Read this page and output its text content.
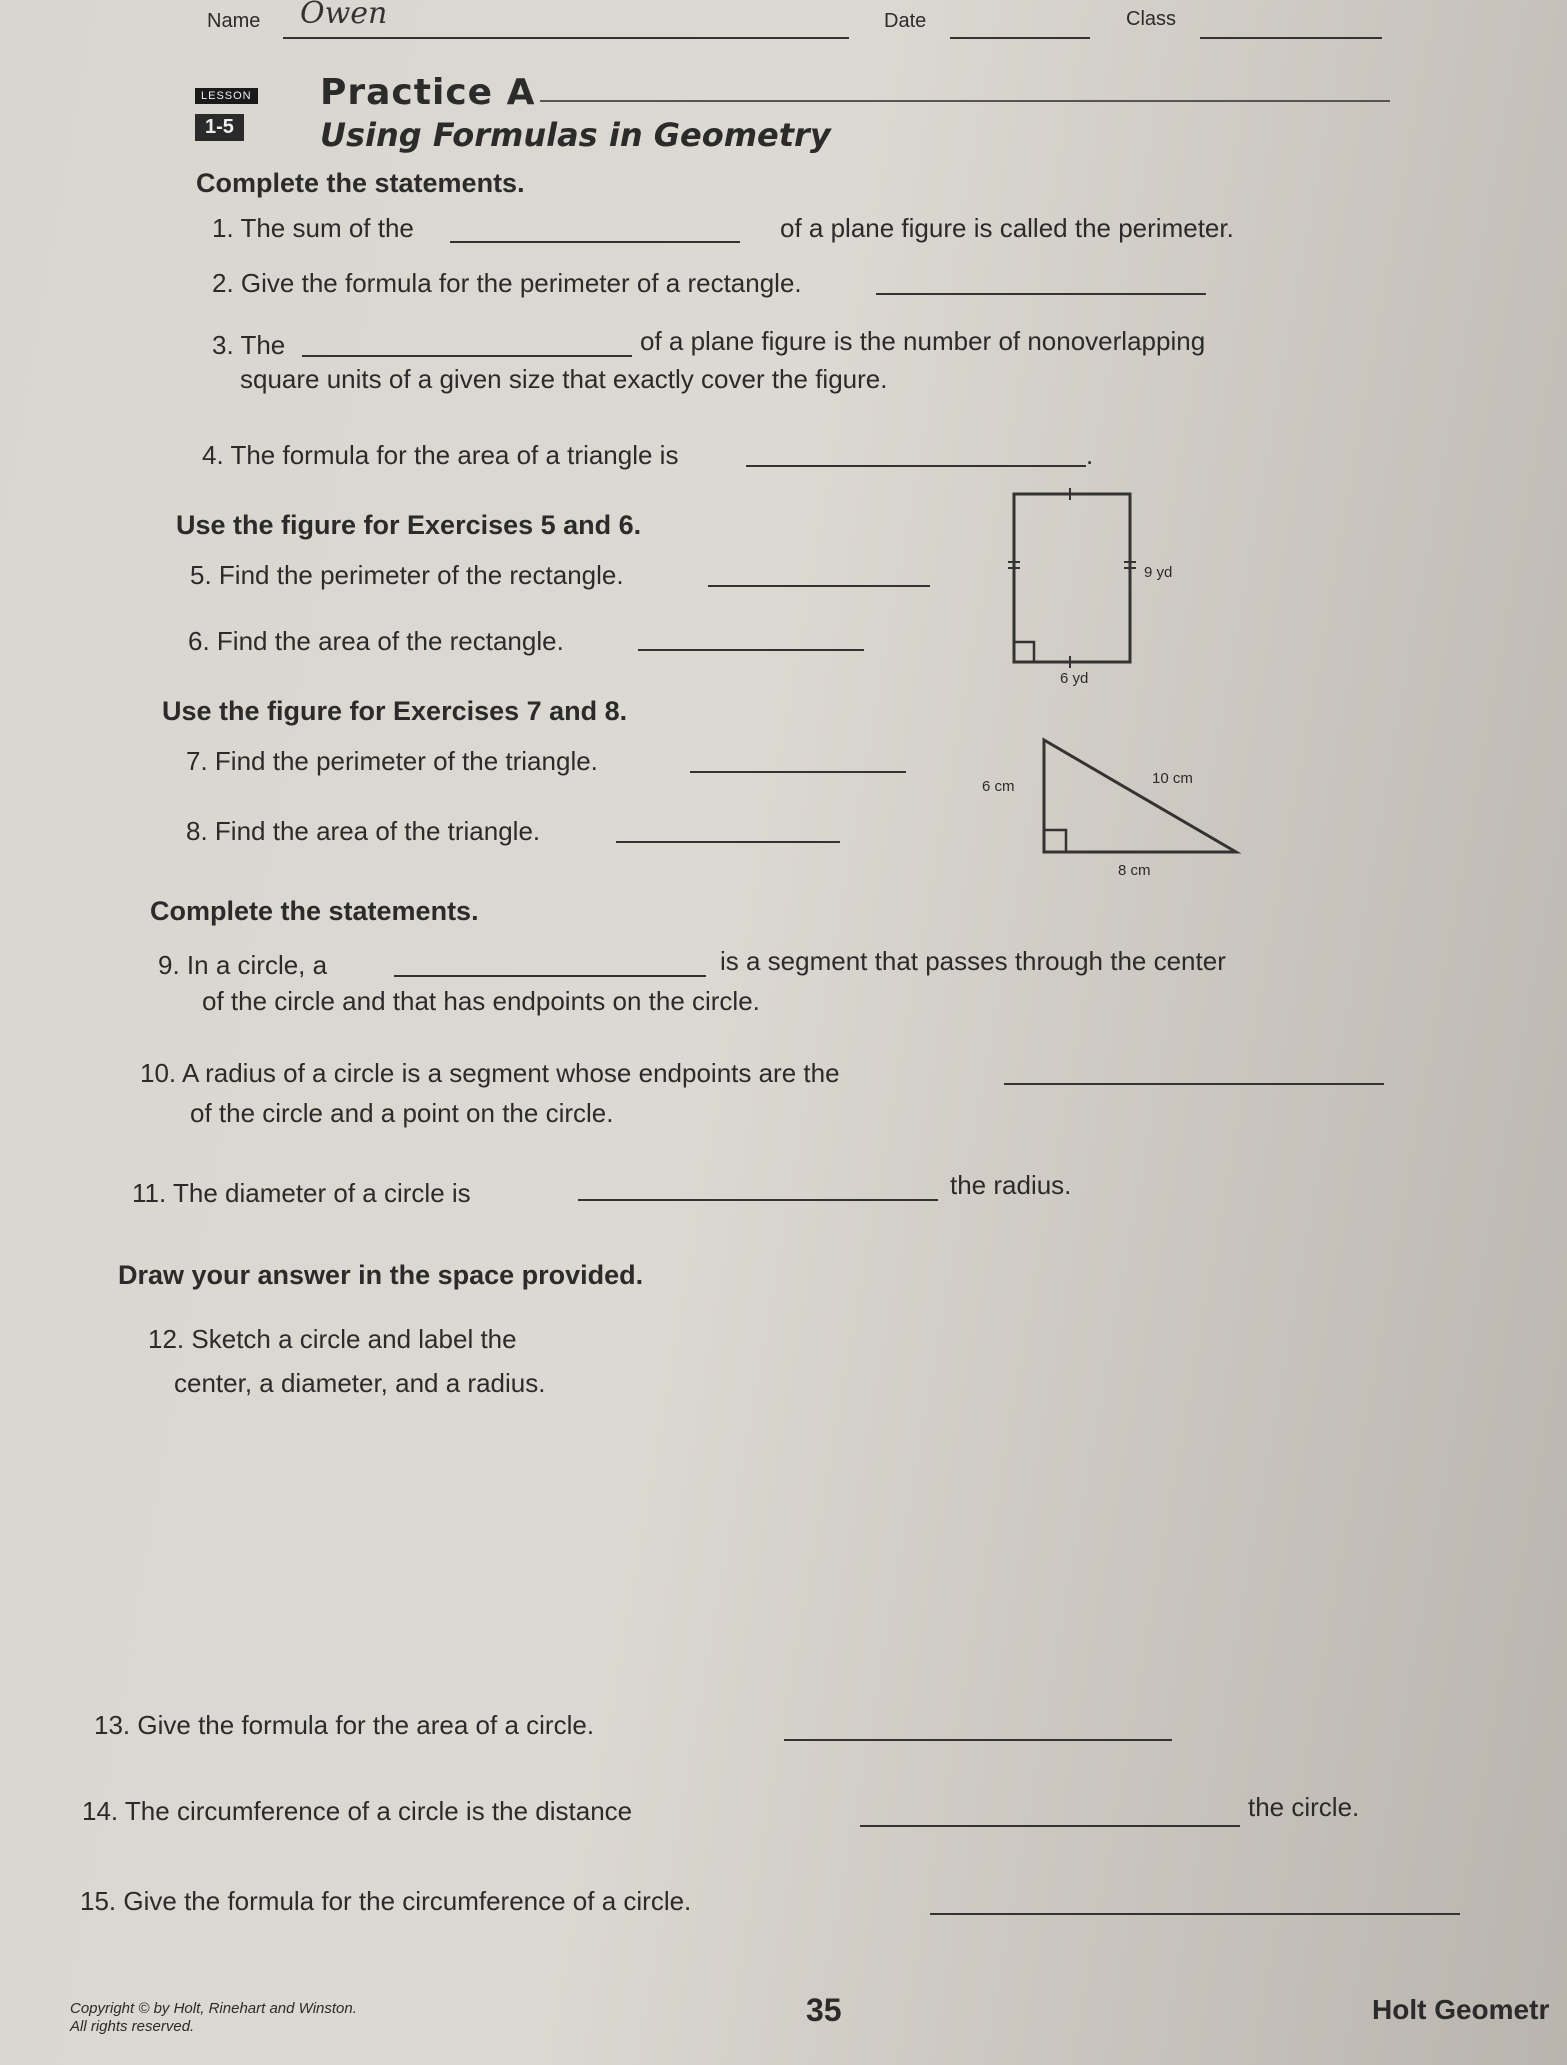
Name Owen	Date	Class
LESSON
1-5
Practice A
Using Formulas in Geometry
Complete the statements.
1. The sum of the	of a plane figure is called the perimeter.
2. Give the formula for the perimeter of a rectangle.
3. The	of a plane figure is the number of nonoverlapping
square units of a given size that exactly cover the figure.
4. The formula for the area of a triangle is	.
Use the figure for Exercises 5 and 6.
5. Find the perimeter of the rectangle.
6. Find the area of the rectangle.
9 yd
6 yd
Use the figure for Exercises 7 and 8.
7. Find the perimeter of the triangle.
8. Find the area of the triangle.
6 cm	10 cm
8 cm
Complete the statements.
9. In a circle, a	is a segment that passes through the center
of the circle and that has endpoints on the circle.
10. A radius of a circle is a segment whose endpoints are the
of the circle and a point on the circle.
11. The diameter of a circle is	the radius.
Draw your answer in the space provided.
12. Sketch a circle and label the
center, a diameter, and a radius.
13. Give the formula for the area of a circle.
14. The circumference of a circle is the distance	the circle.
15. Give the formula for the circumference of a circle.
Copyright © by Holt, Rinehart and Winston.
All rights reserved.	35	Holt Geometr
